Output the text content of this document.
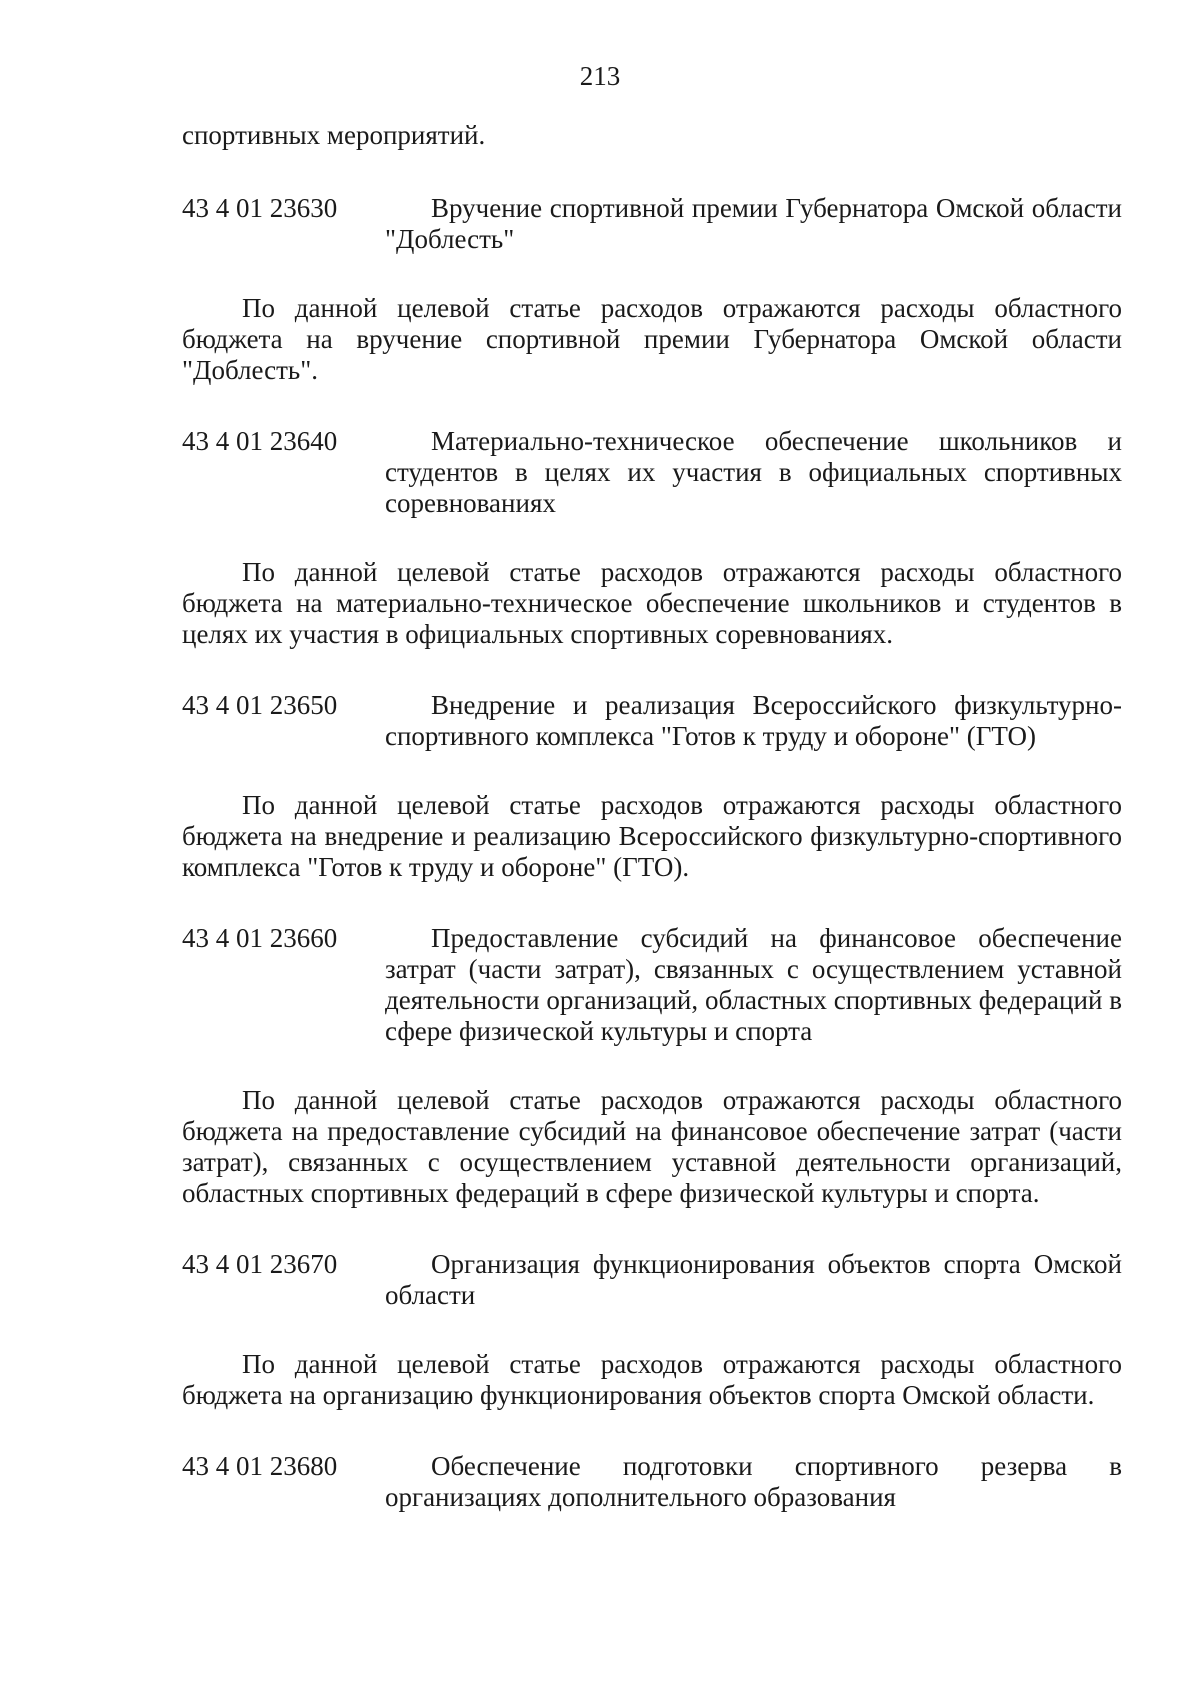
213

спортивных мероприятий.

43 4 01 23630	Вручение спортивной премии Губернатора Омской области "Доблесть"

По данной целевой статье расходов отражаются расходы областного бюджета на вручение спортивной премии Губернатора Омской области "Доблесть".

43 4 01 23640	Материально-техническое обеспечение школьников и студентов в целях их участия в официальных спортивных соревнованиях

По данной целевой статье расходов отражаются расходы областного бюджета на материально-техническое обеспечение школьников и студентов в целях их участия в официальных спортивных соревнованиях.

43 4 01 23650	Внедрение и реализация Всероссийского физкультурно-спортивного комплекса "Готов к труду и обороне" (ГТО)

По данной целевой статье расходов отражаются расходы областного бюджета на внедрение и реализацию Всероссийского физкультурно-спортивного комплекса "Готов к труду и обороне" (ГТО).

43 4 01 23660	Предоставление субсидий на финансовое обеспечение затрат (части затрат), связанных с осуществлением уставной деятельности организаций, областных спортивных федераций в сфере физической культуры и спорта

По данной целевой статье расходов отражаются расходы областного бюджета на предоставление субсидий на финансовое обеспечение затрат (части затрат), связанных с осуществлением уставной деятельности организаций, областных спортивных федераций в сфере физической культуры и спорта.

43 4 01 23670	Организация функционирования объектов спорта Омской области

По данной целевой статье расходов отражаются расходы областного бюджета на организацию функционирования объектов спорта Омской области.

43 4 01 23680	Обеспечение подготовки спортивного резерва в организациях дополнительного образования
